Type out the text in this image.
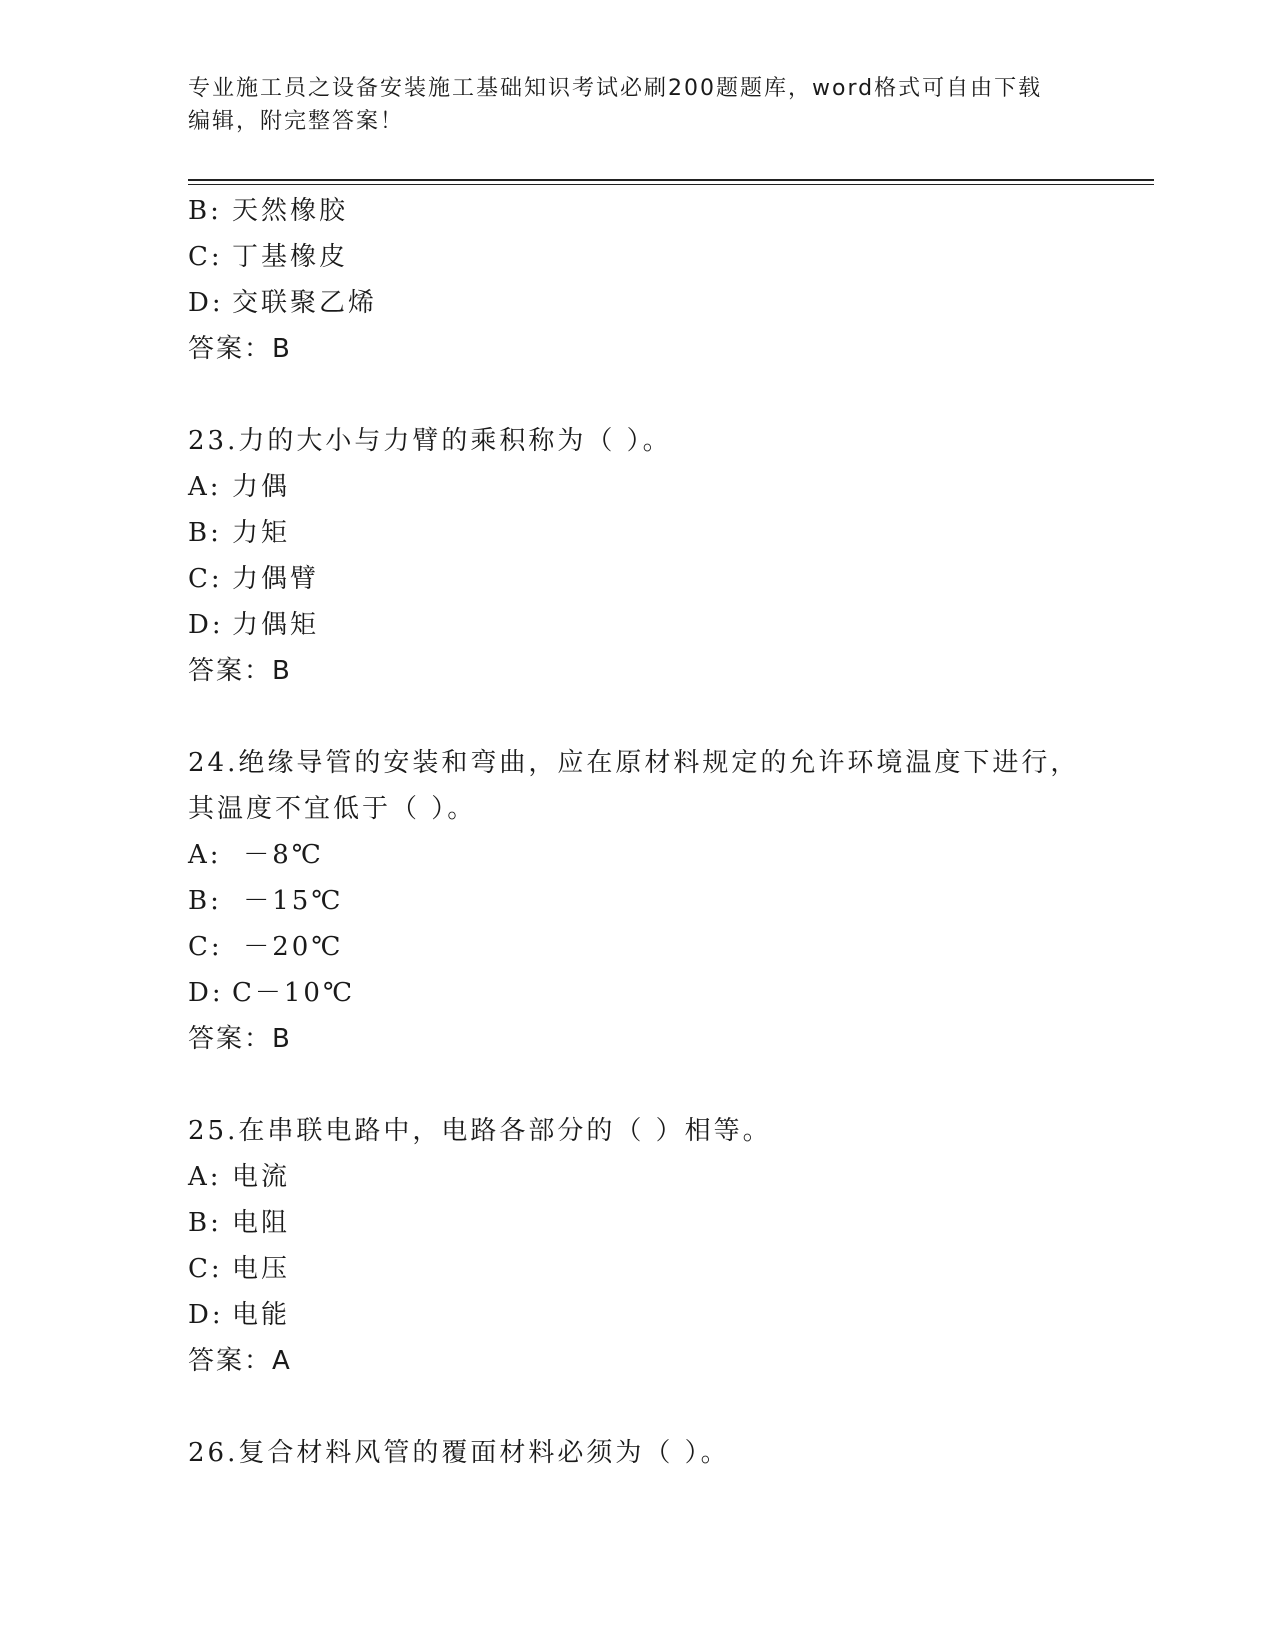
专业施工员之设备安装施工基础知识考试必刷200题题库，word格式可自由下载
编辑，附完整答案！
B: 天然橡胶
C: 丁基橡皮
D: 交联聚乙烯
答案：B
23.力的大小与力臂的乘积称为（ ）。
A: 力偶
B: 力矩
C: 力偶臂
D: 力偶矩
答案：B
24.绝缘导管的安装和弯曲，应在原材料规定的允许环境温度下进行，
其温度不宜低于（ ）。
A: －8℃
B: －15℃
C: －20℃
D: C－10℃
答案：B
25.在串联电路中，电路各部分的（ ）相等。
A: 电流
B: 电阻
C: 电压
D: 电能
答案：A
26.复合材料风管的覆面材料必须为（ ）。
